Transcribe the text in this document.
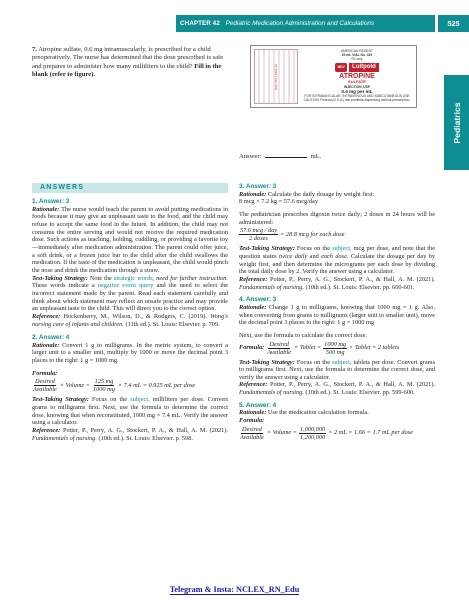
CHAPTER 42 Pediatric Medication Administration and Calculations	525
Pediatrics
7. Atropine sulfate, 0.6 mg intramuscularly, is prescribed for a child preoperatively. The nurse has determined that the dose prescribed is safe and prepares to administer how many milliliters to the child? Fill in the blank (refer to figure).	NDC 0517-0401-25
AMERICAN REGENT
20 mL VIAL No. 419
Rx only
MDV	Luitpold
ATROPINE
SULFATE
INJECTION, USP
0.4 mg per mL
FOR INTRAMUSCULAR, INTRAVENOUS AND SUBCUTANEOUS USE
CAUTION: Federal (U.S.A.) law prohibits dispensing without prescription.
Answer:	mL.
ANSWERS

1. Answer: 3

Rationale: The nurse would teach the parent to avoid putting medications in foods because it may give an unpleasant taste to the food, and the child may refuse to accept the same food in the future. In addition, the child may not consume the entire serving and would not receive the required medication dose. Such actions as teaching, holding, cuddling, or providing a favorite toy—immediately after medication administration. The parent could offer juice, a soft drink, or a frozen juice bar to the child after the child swallows the medication. If the taste of the medication is unpleasant, the child would pinch the nose and drink the medication through a straw.

Test-Taking Strategy: Note the strategic words, need for further instruction. These words indicate a negative event query and the need to select the incorrect statement made by the parent. Read each statement carefully and think about which statement may reflect an unsafe practice and may provide an unpleasant taste to the child. This will direct you to the correct option.

Reference: Hockenberry, M., Wilson, D., & Rodgers, C. (2019). Wong's nursing care of infants and children. (11th ed.). St. Louis: Elsevier. p. 709.

2. Answer: 4

Rationale: Convert 1 g to milligrams. In the metric system, to convert a larger unit to a smaller unit, multiply by 1000 or move the decimal point 3 places to the right: 1 g = 1000 mg

Formula:

$\frac{\text{Desired}}{\text{Available}}$ × Volume = $\frac{125 mg}{1000 mg} \times 7.4$ mL = 0.925 mL per dose

Test-Taking Strategy: Focus on the subject, milliliters per dose. Convert grams to milligrams first. Next, use the formula to determine the correct dose, knowing that when reconstituted, 1000 mg = 7.4 mL. Verify the answer using a calculator.

Reference: Potter, P., Perry, A. G., Stockert, P. A., & Hall, A. M. (2021). Fundamentals of nursing. (10th ed.). St. Louis: Elsevier. p. 598.

3. Answer: 3

Rationale: Calculate the daily dosage by weight first:

8 mcg × 7.2 kg = 57.6 mcg/day

The pediatrician prescribes digoxin twice daily; 2 doses in 24 hours will be administered:

$\frac{\text{57.6 mcg / day}}{\text{2 doses}} = 28.8$ mcg for each dose

Test-Taking Strategy: Focus on the subject, mcg per dose, and note that the question states twice daily and each dose. Calculate the dosage per day by weight first, and then determine the micrograms per each dose by dividing the total daily dose by 2. Verify the answer using a calculator.

Reference: Potter, P., Perry, A. G., Stockert, P. A., & Hall, A. M. (2021). Fundamentals of nursing. (10th ed.). St. Louis: Elsevier. pp. 600-601.

4. Answer: 3

Rationale: Change 1 g to milligrams, knowing that 1000 mg = 1 g. Also, when converting from grams to milligrams (larger unit to smaller unit), move the decimal point 3 places to the right: 1 g = 1000 mg

Next, use the formula to calculate the correct dose.

Formula: $\frac{\text{Desired}}{\text{Available}}$ × Tablet = $\frac{1000 mg}{500 mg}$ × Tablet = 2 tablets

Test-Taking Strategy: Focus on the subject, tablets per dose. Convert grams to milligrams first. Next, use the formula to determine the correct dose, and verify the answer using a calculator.

Reference: Potter, P., Perry, A. G., Stockert, P. A., & Hall, A. M. (2021). Fundamentals of nursing. (10th ed.). St. Louis: Elsevier. pp. 599-600.

5. Answer: 4

Rationale: Use the medication calculation formula.

Formula:

$\frac{\text{Desired}}{\text{Available}}$ × Volume = $\frac{1,000,000}{1,200,000} \times 2$ mL = 1.66 = 1.7 mL per dose
Telegram & Insta: NCLEX_RN_Edu
